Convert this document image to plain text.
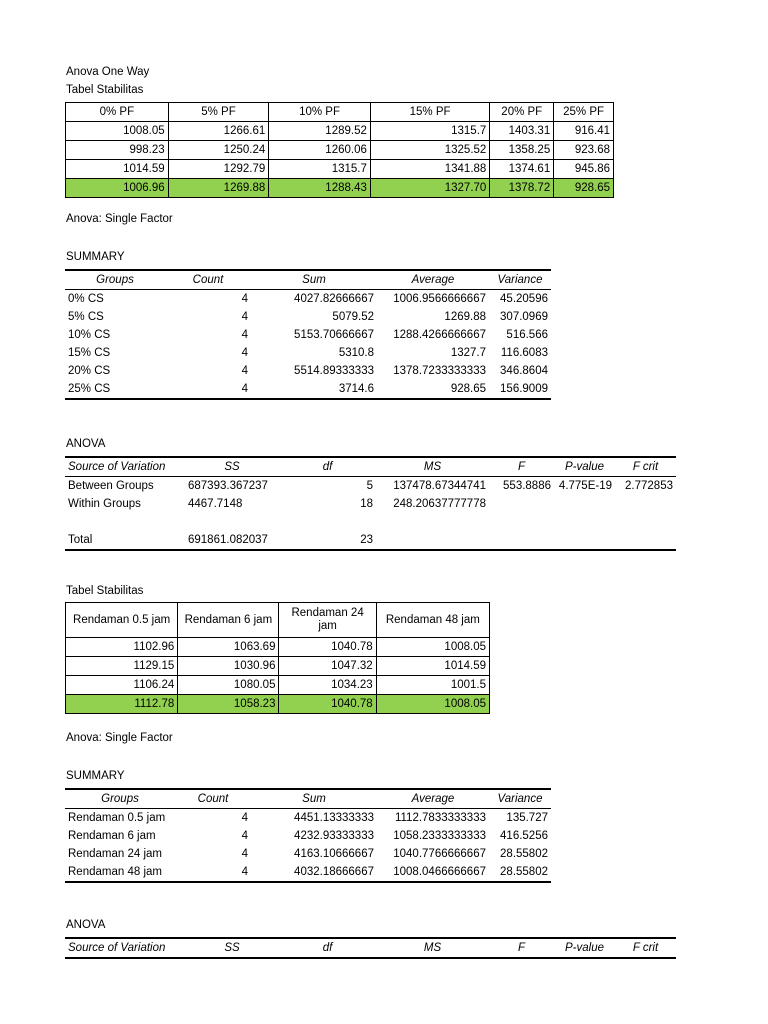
Anova One Way
Tabel Stabilitas
0% PF	5% PF	10% PF	15% PF	20% PF	25% PF
1008.05	1266.61	1289.52	1315.7	1403.31	916.41
998.23	1250.24	1260.06	1325.52	1358.25	923.68
1014.59	1292.79	1315.7	1341.88	1374.61	945.86
1006.96	1269.88	1288.43	1327.70	1378.72	928.65
Anova: Single Factor
SUMMARY
Groups	Count	Sum	Average	Variance
0% CS	4	4027.82666667	1006.9566666667	45.20596
5% CS	4	5079.52	1269.88	307.0969
10% CS	4	5153.70666667	1288.4266666667	516.566
15% CS	4	5310.8	1327.7	116.6083
20% CS	4	5514.89333333	1378.7233333333	346.8604
25% CS	4	3714.6	928.65	156.9009
ANOVA
Source of Variation	SS	df	MS	F	P-value	F crit
Between Groups	687393.367237	5	137478.67344741	553.8886	4.775E-19	2.772853
Within Groups	4467.7148	18	248.20637777778			

Total	691861.082037	23				
Tabel Stabilitas
Rendaman 0.5 jam	Rendaman 6 jam	Rendaman 24 jam	Rendaman 48 jam
1102.96	1063.69	1040.78	1008.05
1129.15	1030.96	1047.32	1014.59
1106.24	1080.05	1034.23	1001.5
1112.78	1058.23	1040.78	1008.05
Anova: Single Factor
SUMMARY
Groups	Count	Sum	Average	Variance
Rendaman 0.5 jam	4	4451.13333333	1112.7833333333	135.727
Rendaman 6 jam	4	4232.93333333	1058.2333333333	416.5256
Rendaman 24 jam	4	4163.10666667	1040.7766666667	28.55802
Rendaman 48 jam	4	4032.18666667	1008.0466666667	28.55802
ANOVA
Source of Variation	SS	df	MS	F	P-value	F crit
